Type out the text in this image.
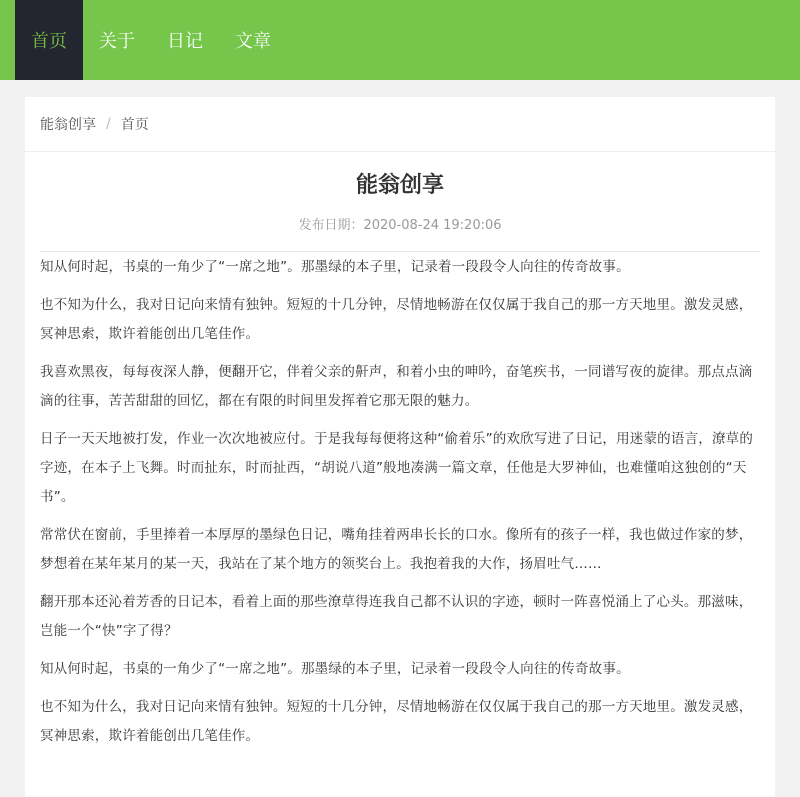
首页	关于	日记	文章
能翁创享 / 首页
能翁创享
发布日期：2020-08-24 19:20:06

知从何时起，书桌的一角少了“一席之地”。那墨绿的本子里，记录着一段段令人向往的传奇故事。

也不知为什么，我对日记向来情有独钟。短短的十几分钟，尽情地畅游在仅仅属于我自己的那一方天地里。激发灵感，冥神思索，欺许着能创出几笔佳作。

我喜欢黑夜，每每夜深人静，便翻开它，伴着父亲的鼾声，和着小虫的呻吟，奋笔疾书，一同谱写夜的旋律。那点点滴滴的往事，苦苦甜甜的回忆，都在有限的时间里发挥着它那无限的魅力。

日子一天天地被打发，作业一次次地被应付。于是我每每便将这种“偷着乐”的欢欣写进了日记，用迷蒙的语言，潦草的字迹，在本子上飞舞。时而扯东，时而扯西，“胡说八道”般地凑满一篇文章，任他是大罗神仙，也难懂咱这独创的“天书”。

常常伏在窗前，手里捧着一本厚厚的墨绿色日记，嘴角挂着两串长长的口水。像所有的孩子一样，我也做过作家的梦，梦想着在某年某月的某一天，我站在了某个地方的领奖台上。我抱着我的大作，扬眉吐气……

翻开那本还沁着芳香的日记本，看着上面的那些潦草得连我自己都不认识的字迹，顿时一阵喜悦涌上了心头。那滋味，岂能一个“快”字了得？

知从何时起，书桌的一角少了“一席之地”。那墨绿的本子里，记录着一段段令人向往的传奇故事。

也不知为什么，我对日记向来情有独钟。短短的十几分钟，尽情地畅游在仅仅属于我自己的那一方天地里。激发灵感，冥神思索，欺许着能创出几笔佳作。
